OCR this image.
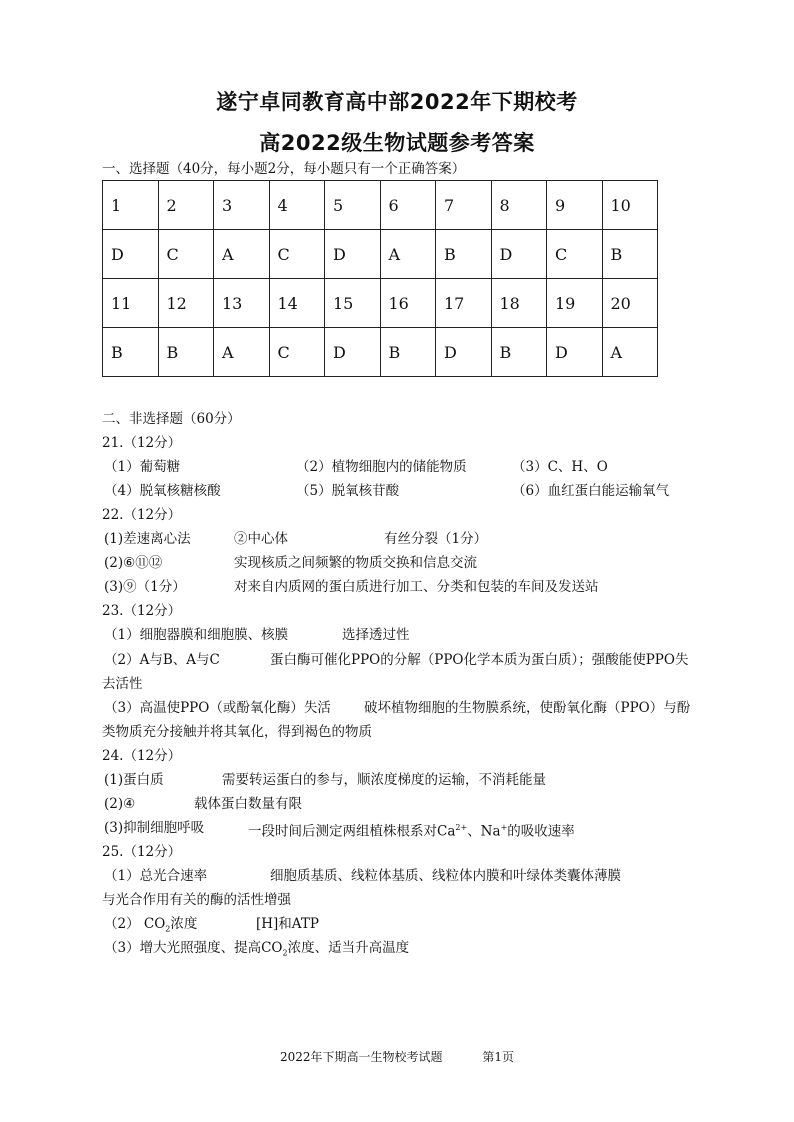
遂宁卓同教育高中部2022年下期校考
高2022级生物试题参考答案
一、选择题（40分，每小题2分，每小题只有一个正确答案）
1	2	3	4	5	6	7	8	9	10
D	C	A	C	D	A	B	D	C	B
11	12	13	14	15	16	17	18	19	20
B	B	A	C	D	B	D	B	D	A
二、非选择题（60分）
21.（12分）
（1）葡萄糖	（2）植物细胞内的储能物质	（3）C、H、O
（4）脱氧核糖核酸	（5）脱氧核苷酸	（6）血红蛋白能运输氧气
22.（12分）
(1)差速离心法	②中心体	有丝分裂（1分）
(2)⑥⑪⑫	实现核质之间频繁的物质交换和信息交流
(3)⑨（1分）	对来自内质网的蛋白质进行加工、分类和包装的车间及发送站
23.（12分）
（1）细胞器膜和细胞膜、核膜	选择透过性
（2）A与B、A与C	蛋白酶可催化PPO的分解（PPO化学本质为蛋白质）；强酸能使PPO失
去活性
（3）高温使PPO（或酚氧化酶）失活 破坏植物细胞的生物膜系统，使酚氧化酶（PPO）与酚
类物质充分接触并将其氧化，得到褐色的物质
24.（12分）
(1)蛋白质	需要转运蛋白的参与，顺浓度梯度的运输，不消耗能量
(2)④	载体蛋白数量有限
(3)抑制细胞呼吸	一段时间后测定两组植株根系对$Ca^{2+}$、Na+的吸收速率
25.（12分）
（1）总光合速率	细胞质基质、线粒体基质、线粒体内膜和叶绿体类囊体薄膜
与光合作用有关的酶的活性增强
（2） $CO_2$浓度	[H]和ATP
（3）增大光照强度、提高$CO_2$浓度、适当升高温度
2022年下期高一生物校考试题	第1页
